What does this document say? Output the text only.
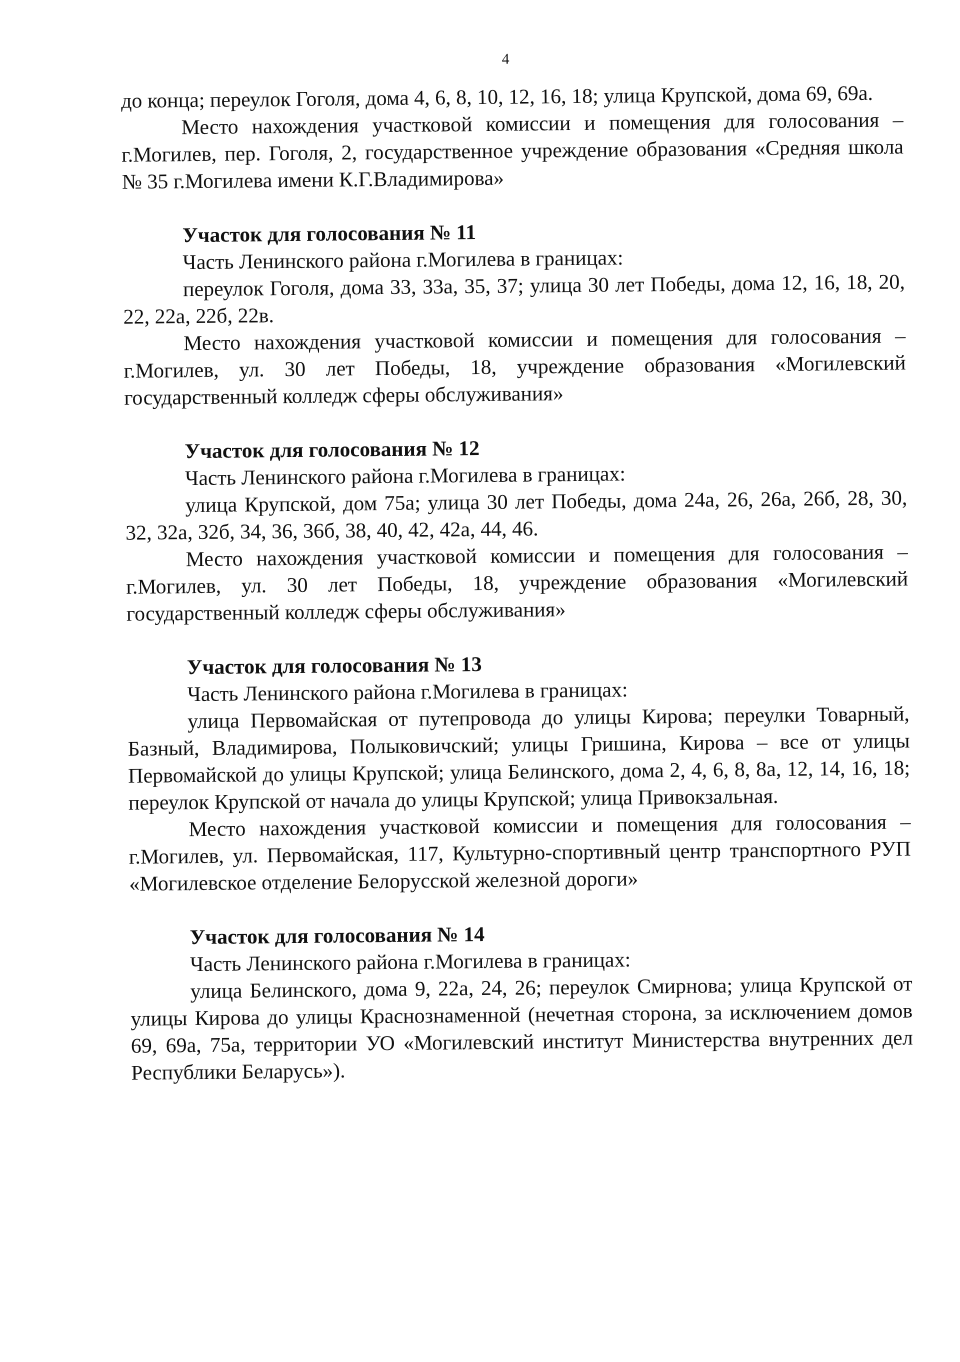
4

до конца; переулок Гоголя, дома 4, 6, 8, 10, 12, 16, 18; улица Крупской, дома 69, 69а.

Место нахождения участковой комиссии и помещения для голосования – г.Могилев, пер. Гоголя, 2, государственное учреждение образования «Средняя школа № 35 г.Могилева имени К.Г.Владимирова»

Участок для голосования № 11

Часть Ленинского района г.Могилева в границах:

переулок Гоголя, дома 33, 33а, 35, 37; улица 30 лет Победы, дома 12, 16, 18, 20, 22, 22а, 22б, 22в.

Место нахождения участковой комиссии и помещения для голосования – г.Могилев, ул. 30 лет Победы, 18, учреждение образования «Могилевский государственный колледж сферы обслуживания»

Участок для голосования № 12

Часть Ленинского района г.Могилева в границах:

улица Крупской, дом 75а; улица 30 лет Победы, дома 24а, 26, 26а, 26б, 28, 30, 32, 32а, 32б, 34, 36, 36б, 38, 40, 42, 42а, 44, 46.

Место нахождения участковой комиссии и помещения для голосования – г.Могилев, ул. 30 лет Победы, 18, учреждение образования «Могилевский государственный колледж сферы обслуживания»

Участок для голосования № 13

Часть Ленинского района г.Могилева в границах:

улица Первомайская от путепровода до улицы Кирова; переулки Товарный, Базный, Владимирова, Полыковичский; улицы Гришина, Кирова – все от улицы Первомайской до улицы Крупской; улица Белинского, дома 2, 4, 6, 8, 8а, 12, 14, 16, 18; переулок Крупской от начала до улицы Крупской; улица Привокзальная.

Место нахождения участковой комиссии и помещения для голосования – г.Могилев, ул. Первомайская, 117, Культурно-спортивный центр транспортного РУП «Могилевское отделение Белорусской железной дороги»

Участок для голосования № 14

Часть Ленинского района г.Могилева в границах:

улица Белинского, дома 9, 22а, 24, 26; переулок Смирнова; улица Крупской от улицы Кирова до улицы Краснознаменной (нечетная сторона, за исключением домов 69, 69а, 75а, территории УО «Могилевский институт Министерства внутренних дел Республики Беларусь»).
